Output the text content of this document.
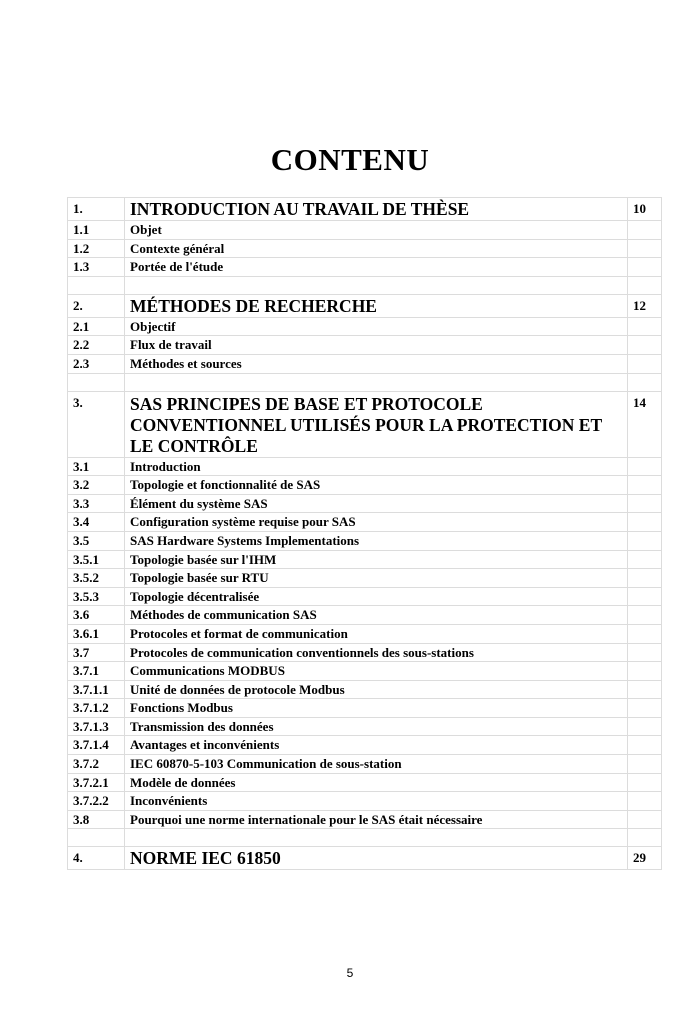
CONTENU
1.	INTRODUCTION AU TRAVAIL DE THÈSE	10
1.1	Objet	
1.2	Contexte général	
1.3	Portée de l'étude	

2.	MÉTHODES DE RECHERCHE	12
2.1	Objectif	
2.2	Flux de travail	
2.3	Méthodes et sources	

3.	SAS PRINCIPES DE BASE ET PROTOCOLE CONVENTIONNEL UTILISÉS POUR LA PROTECTION ET LE CONTRÔLE	14
3.1	Introduction	
3.2	Topologie et fonctionnalité de SAS	
3.3	Élément du système SAS	
3.4	Configuration système requise pour SAS	
3.5	SAS Hardware Systems Implementations	
3.5.1	Topologie basée sur l'IHM	
3.5.2	Topologie basée sur RTU	
3.5.3	Topologie décentralisée	
3.6	Méthodes de communication SAS	
3.6.1	Protocoles et format de communication	
3.7	Protocoles de communication conventionnels des sous-stations	
3.7.1	Communications MODBUS	
3.7.1.1	Unité de données de protocole Modbus	
3.7.1.2	Fonctions Modbus	
3.7.1.3	Transmission des données	
3.7.1.4	Avantages et inconvénients	
3.7.2	IEC 60870-5-103 Communication de sous-station	
3.7.2.1	Modèle de données	
3.7.2.2	Inconvénients	
3.8	Pourquoi une norme internationale pour le SAS était nécessaire	

4.	NORME IEC 61850	29
5
